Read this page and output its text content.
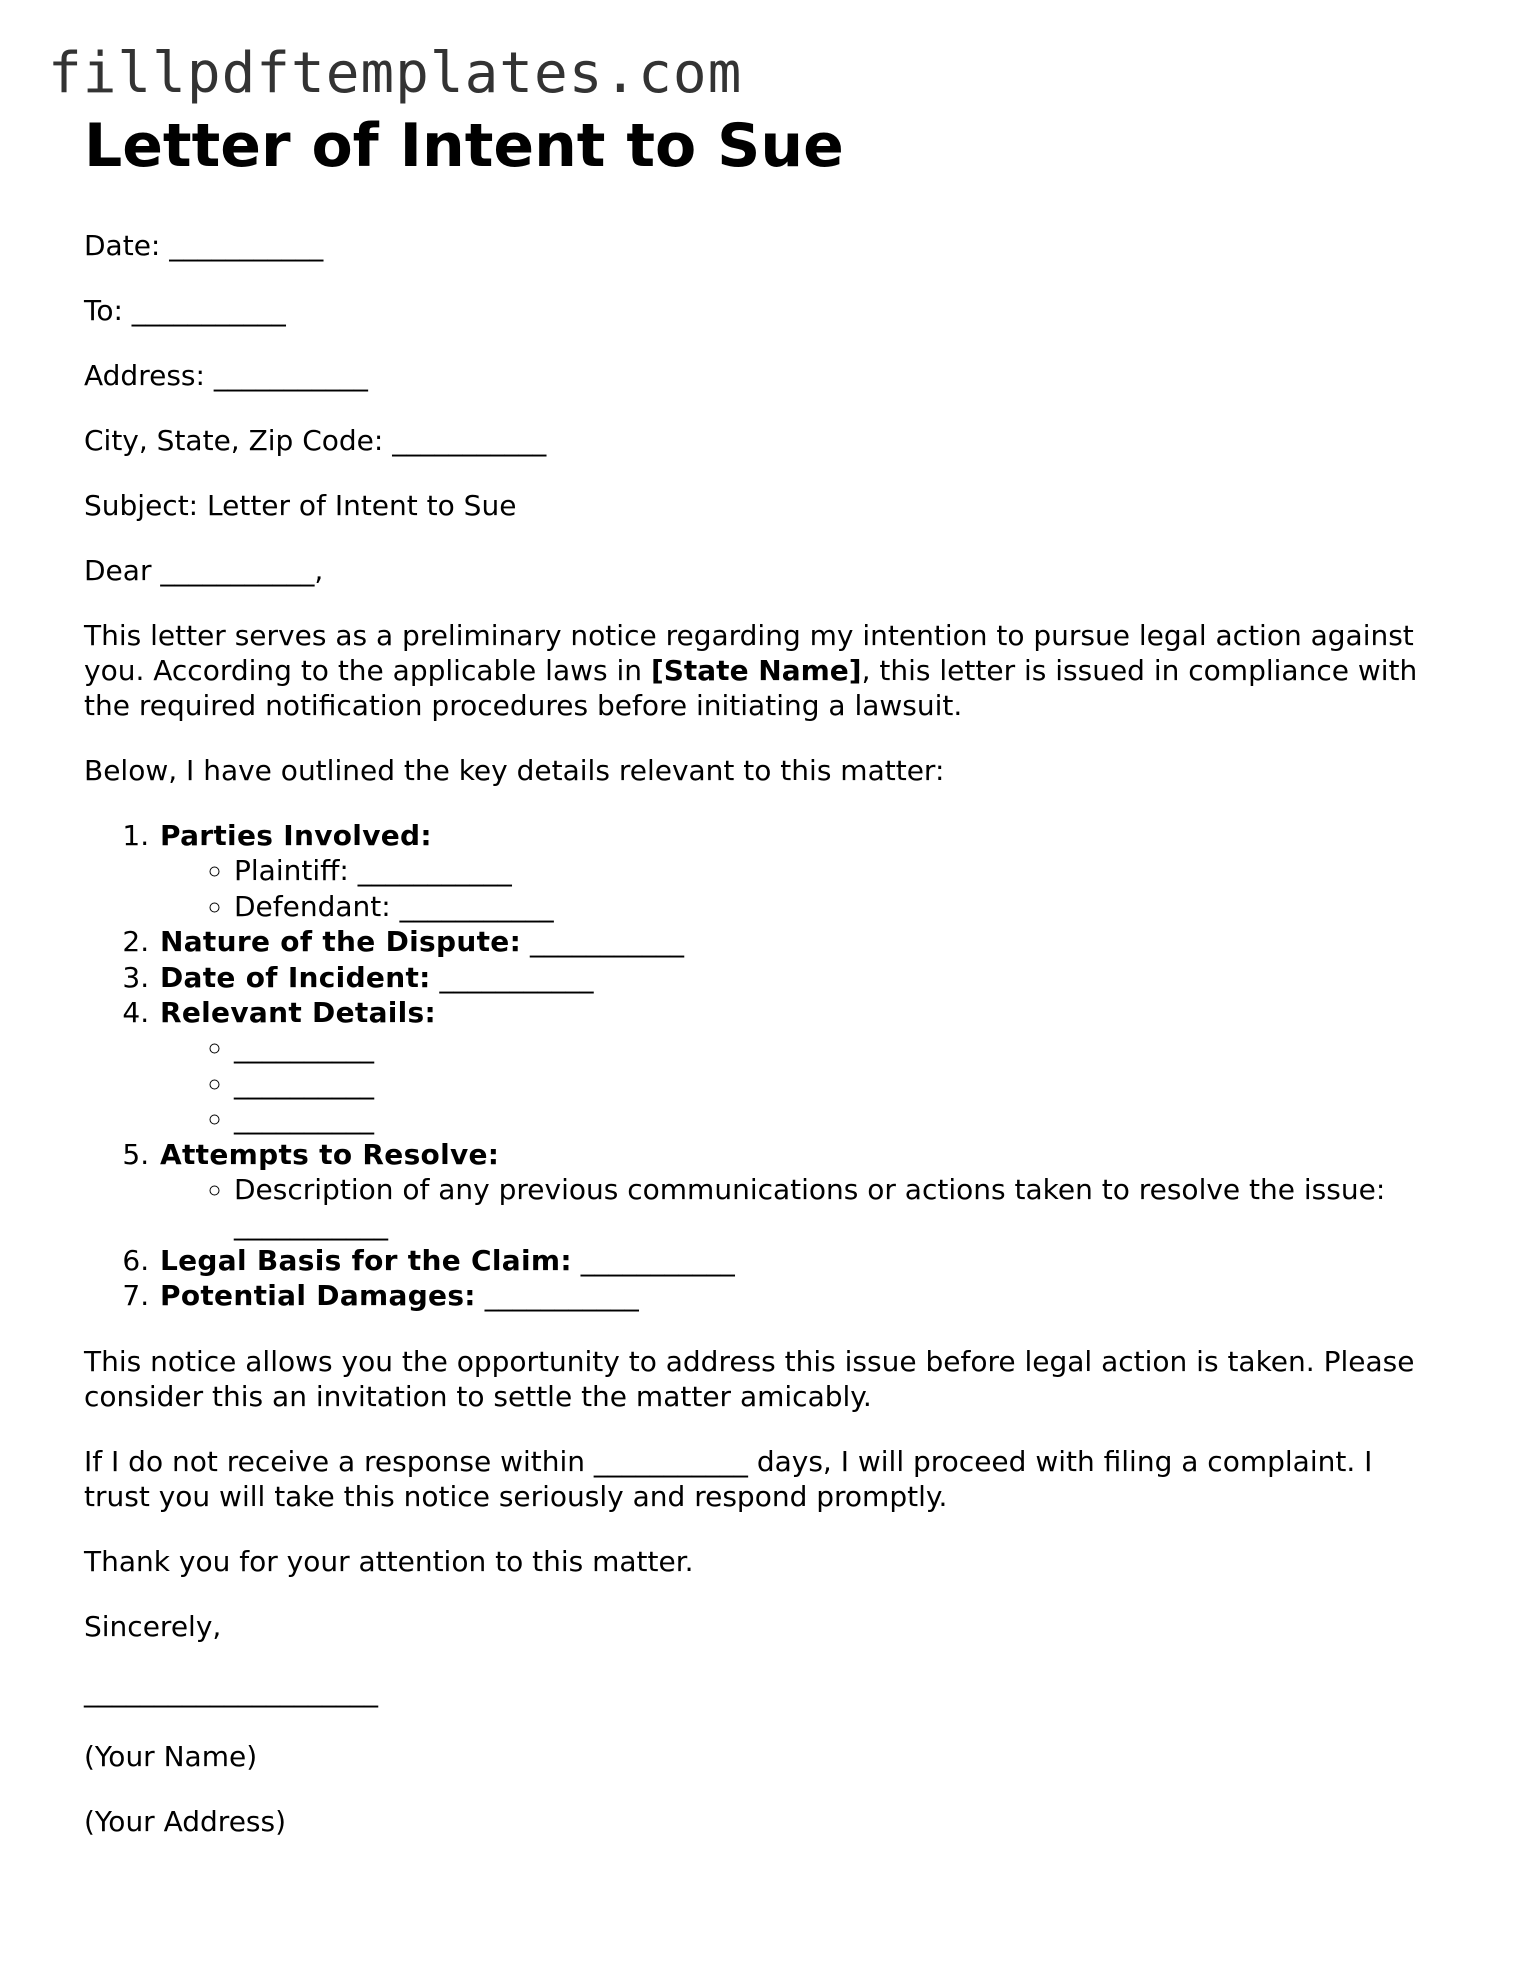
fillpdftemplates.com
Letter of Intent to Sue
Date: ___________
To: ___________
Address: ___________
City, State, Zip Code: ___________
Subject: Letter of Intent to Sue
Dear ___________,

This letter serves as a preliminary notice regarding my intention to pursue legal action against you. According to the applicable laws in [State Name], this letter is issued in compliance with the required notification procedures before initiating a lawsuit.

Below, I have outlined the key details relevant to this matter:

1. Parties Involved:
◦ Plaintiff: ___________
◦ Defendant: ___________
2. Nature of the Dispute: ___________
3. Date of Incident: ___________
4. Relevant Details:
◦ __________
◦ __________
◦ __________
5. Attempts to Resolve:
◦ Description of any previous communications or actions taken to resolve the issue: ___________
6. Legal Basis for the Claim: ___________
7. Potential Damages: ___________

This notice allows you the opportunity to address this issue before legal action is taken. Please consider this an invitation to settle the matter amicably.

If I do not receive a response within ___________ days, I will proceed with filing a complaint. I trust you will take this notice seriously and respond promptly.

Thank you for your attention to this matter.

Sincerely,

_____________________

(Your Name)

(Your Address)
